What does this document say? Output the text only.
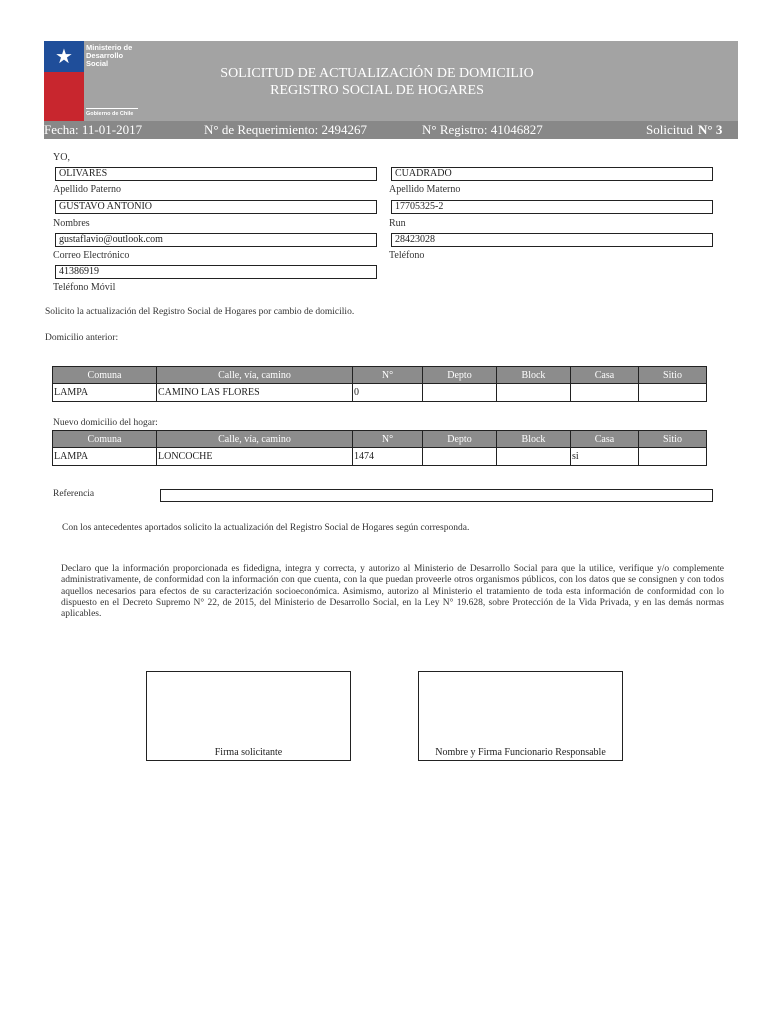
★	Ministerio de
Desarrollo
Social
Gobierno de Chile
SOLICITUD DE ACTUALIZACIÓN DE DOMICILIO
REGISTRO SOCIAL DE HOGARES
Fecha: 11-01-2017	N° de Requerimiento: 2494267	N° Registro: 41046827	Solicitud N° 3
YO,
OLIVARES
Apellido Paterno
CUADRADO
Apellido Materno
GUSTAVO ANTONIO
Nombres
17705325-2
Run
gustaflavio@outlook.com
Correo Electrónico
28423028
Teléfono
41386919
Teléfono Móvil
Solicito la actualización del Registro Social de Hogares por cambio de domicilio.
Domicilio anterior:
Comuna	Calle, vía, camino	N°	Depto	Block	Casa	Sitio
LAMPA	CAMINO LAS FLORES	0				
Nuevo domicilio del hogar:
Comuna	Calle, vía, camino	N°	Depto	Block	Casa	Sitio
LAMPA	LONCOCHE	1474			si	
Referencia
Con los antecedentes aportados solicito la actualización del Registro Social de Hogares según corresponda.
Declaro que la información proporcionada es fidedigna, integra y correcta, y autorizo al Ministerio de Desarrollo Social para que la utilice, verifique y/o complemente administrativamente, de conformidad con la información con que cuenta, con la que puedan proveerle otros organismos públicos, con los datos que se consignen y con todos aquellos necesarios para efectos de su caracterización socioeconómica. Asimismo, autorizo al Ministerio el tratamiento de toda esta información de conformidad con lo dispuesto en el Decreto Supremo N° 22, de 2015, del Ministerio de Desarrollo Social, en la Ley N° 19.628, sobre Protección de la Vida Privada, y en las demás normas aplicables.
Firma solicitante	Nombre y Firma Funcionario Responsable
